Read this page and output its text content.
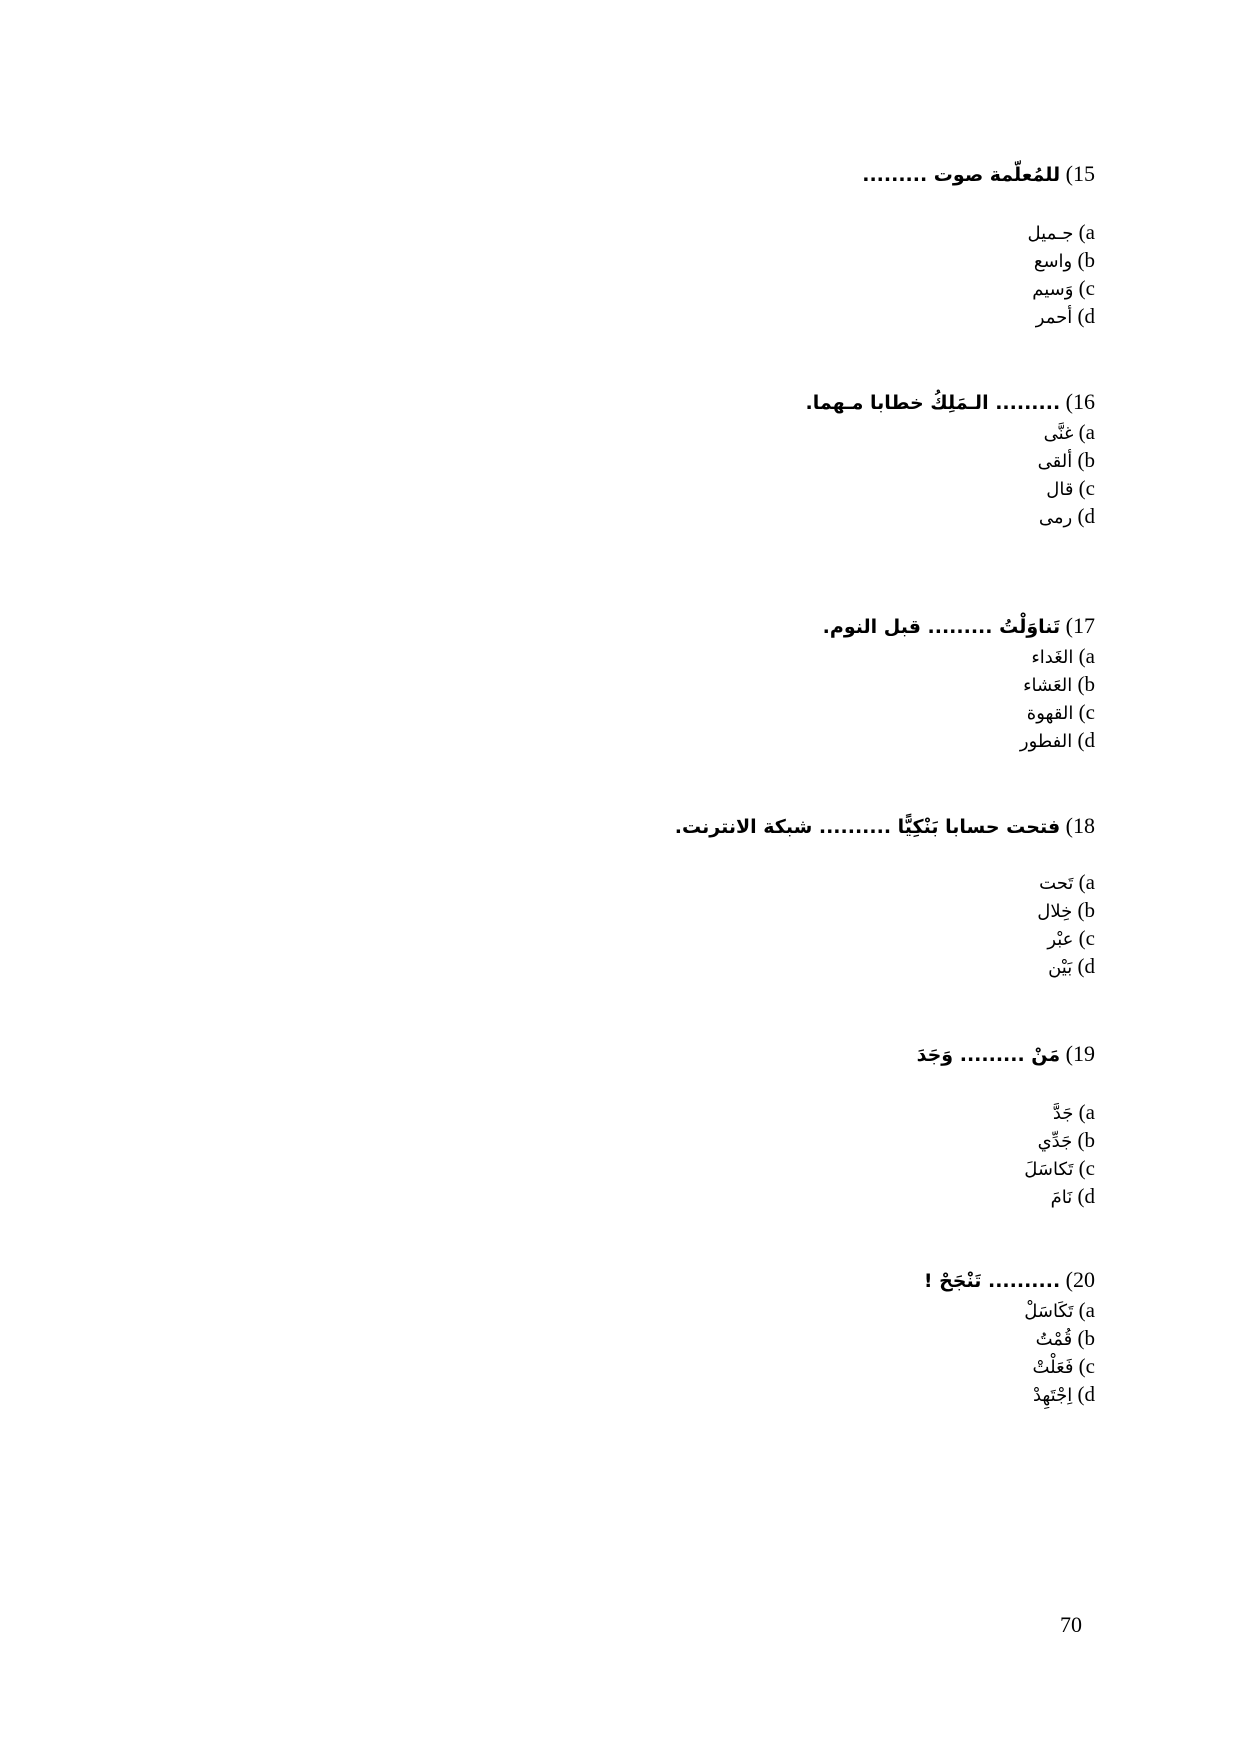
15) للمُعلّمة صوت .........
a) جـميل
b) واسع
c) وَسيم
d) أحمر
16) ......... الـمَلِكُ خطابا مـهما.
a) غنَّى
b) ألقى
c) قال
d) رمى
17) تَناوَلْتُ ......... قبل النوم.
a) الغَداء
b) العَشاء
c) القهوة
d) الفطور
18) فتحت حسابا بَنْكِيًّا .......... شبكة الانترنت.
a) تَحت
b) خِلال
c) عبْر
d) بَيْن
19) مَنْ ......... وَجَدَ
a) جَدَّ
b) جَدِّي
c) تَكاسَلَ
d) نَامَ
20) .......... تَنْجَحْ !
a) تَكَاسَلْ
b) قُمْتُ
c) فَعَلْتْ
d) اِجْتَهِدْ
70
